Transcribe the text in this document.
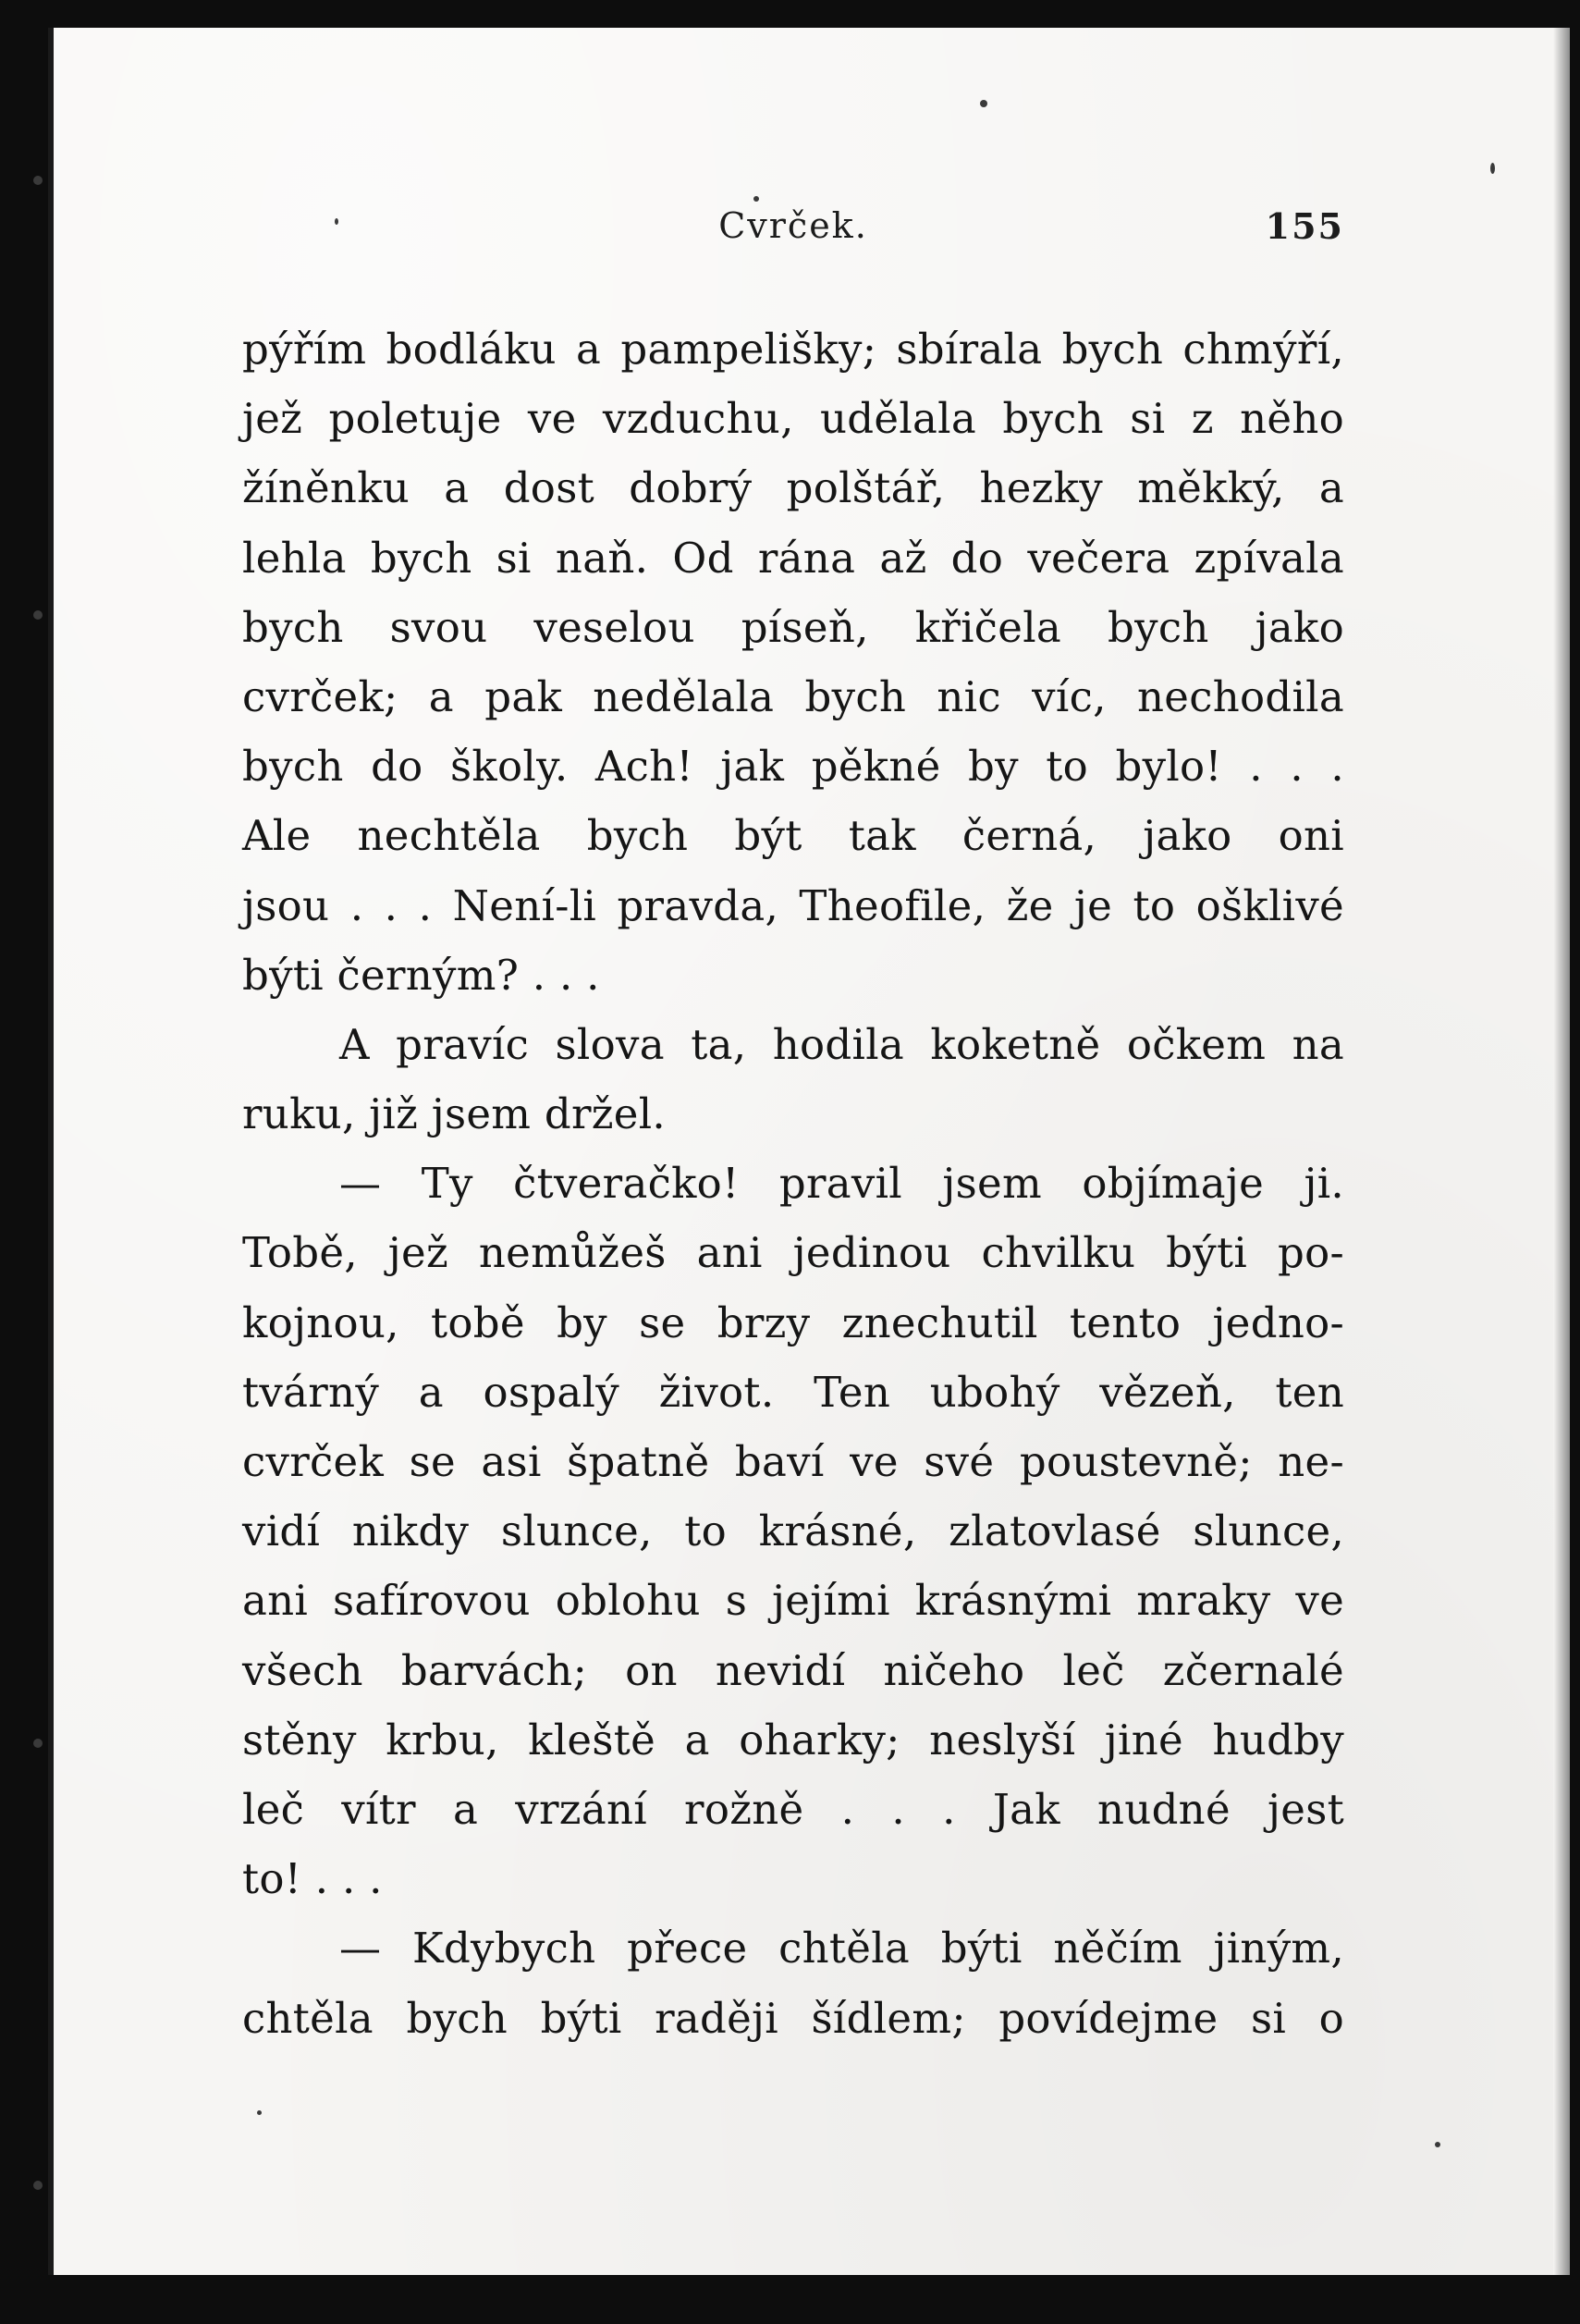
Cvrček.	155
pýřím bodláku a pampelišky; sbírala bych chmýří,
jež poletuje ve vzduchu, udělala bych si z něho
žíněnku a dost dobrý polštář, hezky měkký, a
lehla bych si naň. Od rána až do večera zpívala
bych svou veselou píseň, křičela bych jako
cvrček; a pak nedělala bych nic víc, nechodila
bych do školy. Ach! jak pěkné by to bylo! . . .
Ale nechtěla bych být tak černá, jako oni
jsou . . . Není-li pravda, Theofile, že je to ošklivé
býti černým? . . .
A pravíc slova ta, hodila koketně očkem na
ruku, již jsem držel.
— Ty čtveračko! pravil jsem objímaje ji.
Tobě, jež nemůžeš ani jedinou chvilku býti po-
kojnou, tobě by se brzy znechutil tento jedno-
tvárný a ospalý život. Ten ubohý vězeň, ten
cvrček se asi špatně baví ve své poustevně; ne-
vidí nikdy slunce, to krásné, zlatovlasé slunce,
ani safírovou oblohu s jejími krásnými mraky ve
všech barvách; on nevidí ničeho leč zčernalé
stěny krbu, kleště a oharky; neslyší jiné hudby
leč vítr a vrzání rožně . . . Jak nudné jest
to! . . .
— Kdybych přece chtěla býti něčím jiným,
chtěla bych býti raději šídlem; povídejme si o
